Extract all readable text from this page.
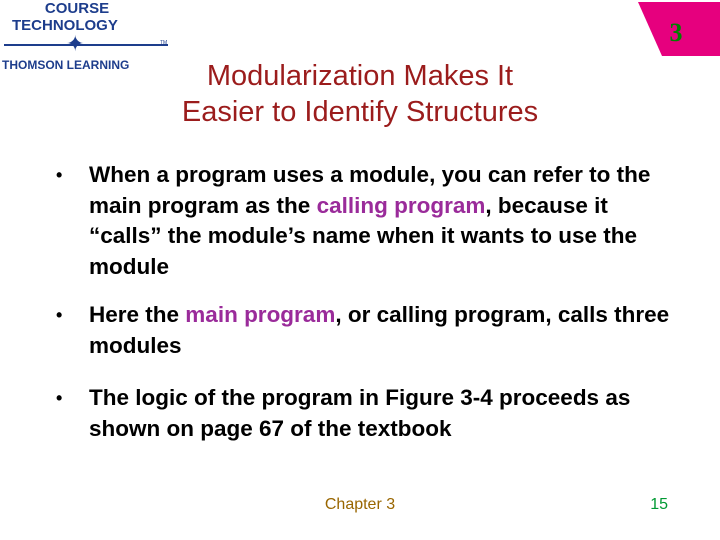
COURSE
TECHNOLOGY
✦	TM
THOMSON LEARNING
3
Modularization Makes It
Easier to Identify Structures
• When a program uses a module, you can refer to the main program as the calling program, because it “calls” the module’s name when it wants to use the module
• Here the main program, or calling program, calls three modules
• The logic of the program in Figure 3-4 proceeds as shown on page 67 of the textbook
Chapter 3	15
